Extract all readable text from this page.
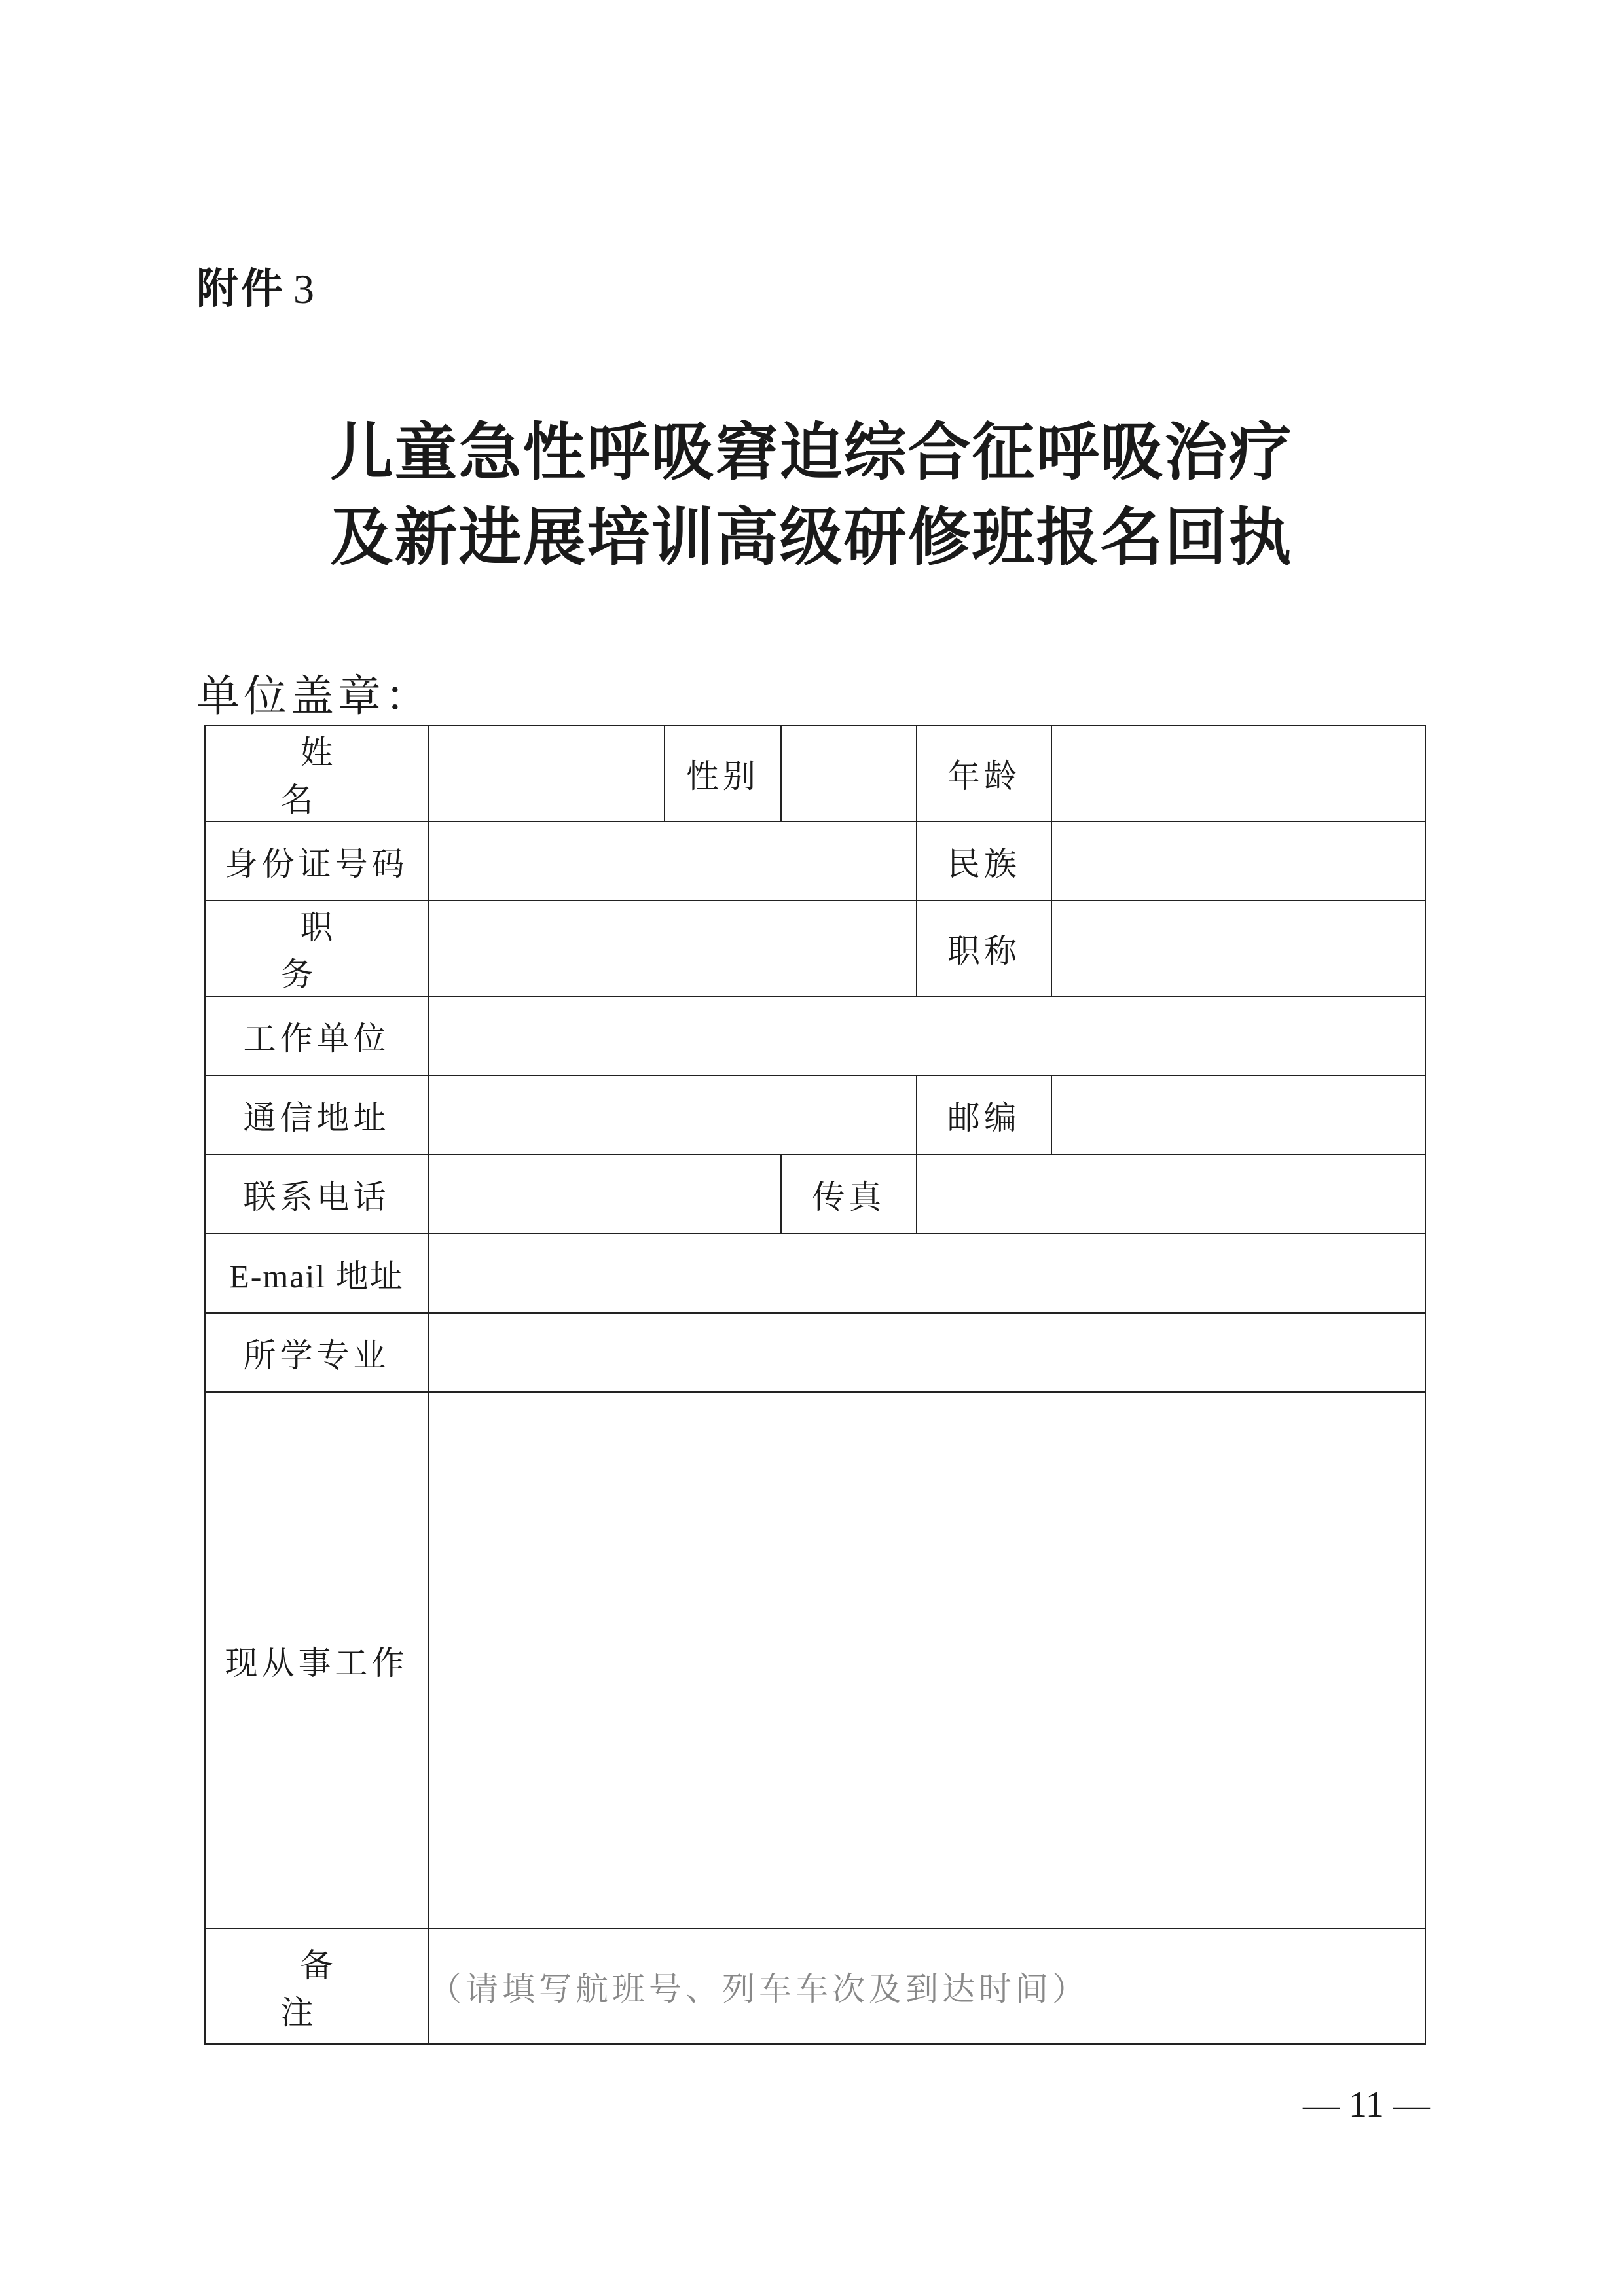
附件 3
儿童急性呼吸窘迫综合征呼吸治疗
及新进展培训高级研修班报名回执
单位盖章：
姓 名		性别		年龄	
身份证号码				民族	
职 务				职称	
工作单位					
通信地址				邮编	
联系电话			传真		
E-mail 地址					
所学专业					
现从事工作					
备 注	（请填写航班号、列车车次及到达时间）				
— 11 —
